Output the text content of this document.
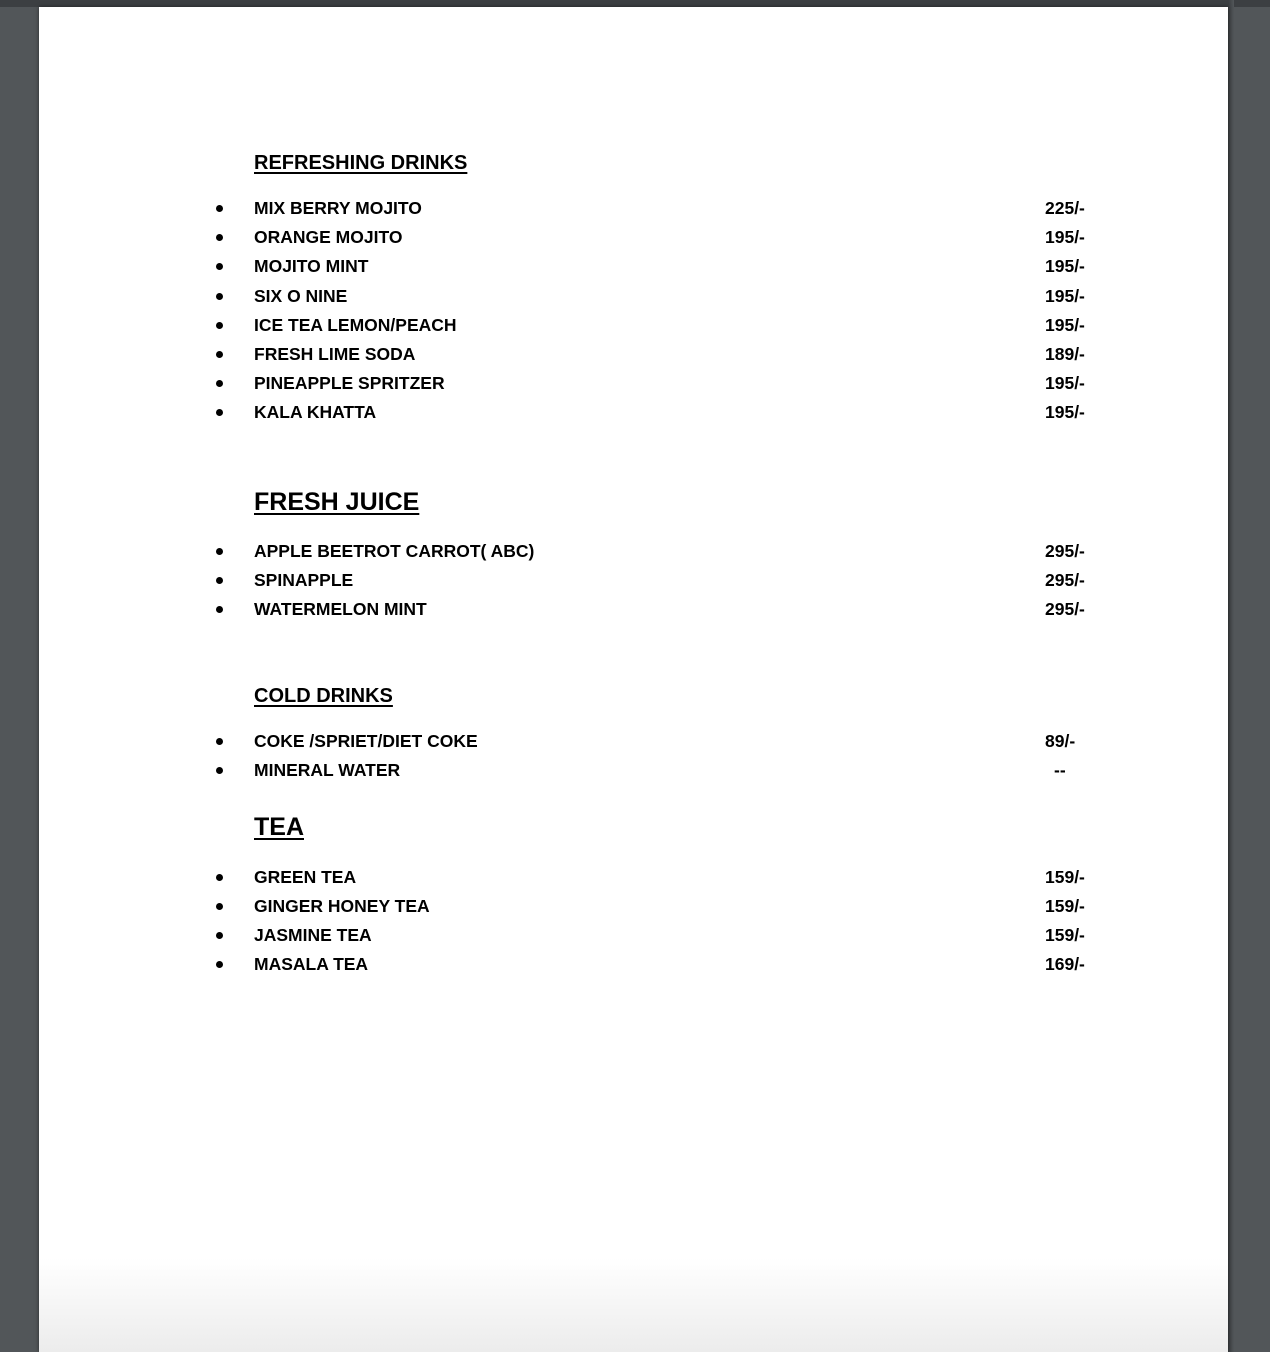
REFRESHING DRINKS
MIX BERRY MOJITO	225/-
ORANGE MOJITO	195/-
MOJITO MINT	195/-
SIX O NINE	195/-
ICE TEA LEMON/PEACH	195/-
FRESH LIME SODA	189/-
PINEAPPLE SPRITZER	195/-
KALA KHATTA	195/-
FRESH JUICE
APPLE BEETROT CARROT( ABC)	295/-
SPINAPPLE	295/-
WATERMELON MINT	295/-
COLD DRINKS
COKE /SPRIET/DIET COKE	89/-
MINERAL WATER	--
TEA
GREEN TEA	159/-
GINGER HONEY TEA	159/-
JASMINE TEA	159/-
MASALA TEA	169/-
